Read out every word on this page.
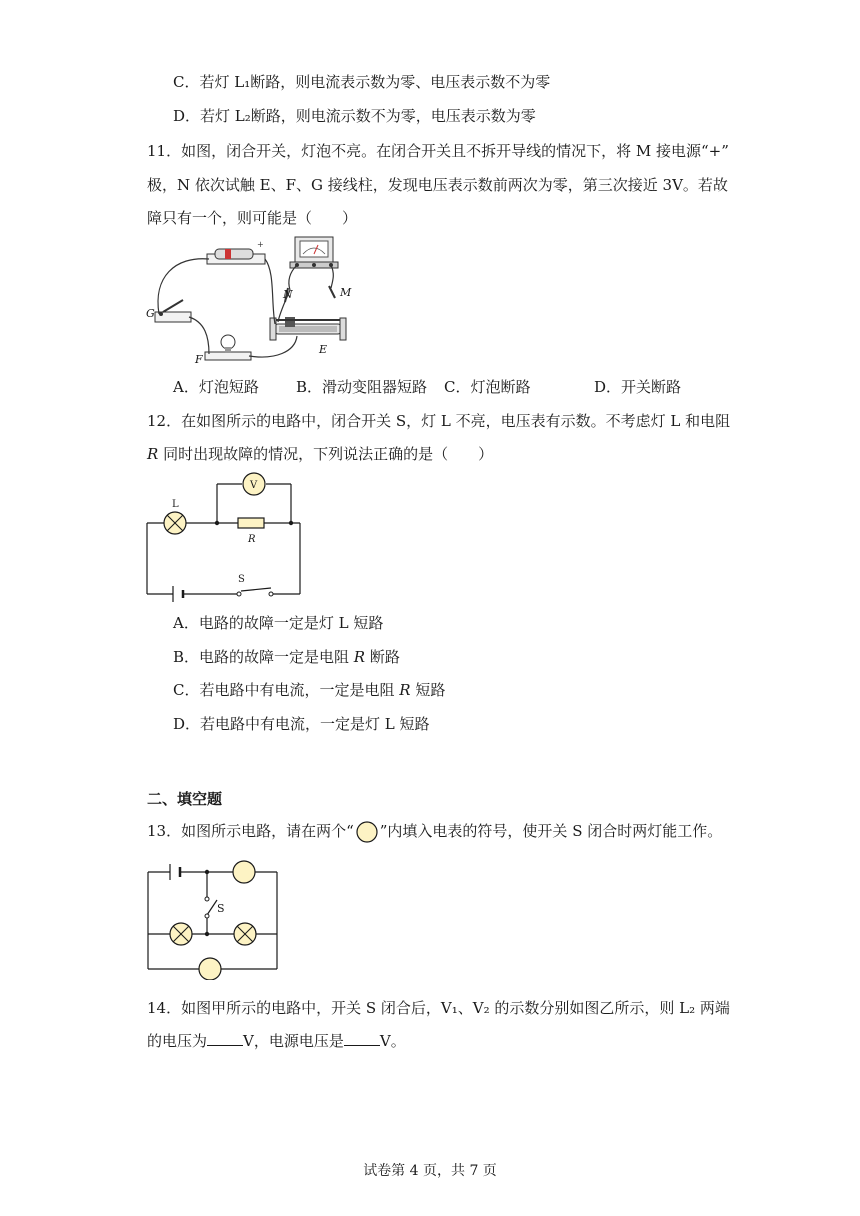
C．若灯 L₁断路，则电流表示数为零、电压表示数不为零
D．若灯 L₂断路，则电流示数不为零，电压表示数为零
11．如图，闭合开关，灯泡不亮。在闭合开关且不拆开导线的情况下，将 M 接电源“+”
极，N 依次试触 E、F、G 接线柱，发现电压表示数前两次为零，第三次接近 3V。若故
障只有一个，则可能是（　　）
+
N	M
G
F
E
A．灯泡短路 B．滑动变阻器短路 C．灯泡断路	D．开关断路
12．在如图所示的电路中，闭合开关 S，灯 L 不亮，电压表有示数。不考虑灯 L 和电阻
R 同时出现故障的情况，下列说法正确的是（　　）
L
V
R
S
A．电路的故障一定是灯 L 短路
B．电路的故障一定是电阻 R 断路
C．若电路中有电流，一定是电阻 R 短路
D．若电路中有电流，一定是灯 L 短路
二、填空题
13．如图所示电路，请在两个“ ”内填入电表的符号，使开关 S 闭合时两灯能工作。
S
14．如图甲所示的电路中，开关 S 闭合后，V₁、V₂ 的示数分别如图乙所示，则 L₂ 两端
的电压为 V，电源电压是 V。
试卷第 4 页，共 7 页
